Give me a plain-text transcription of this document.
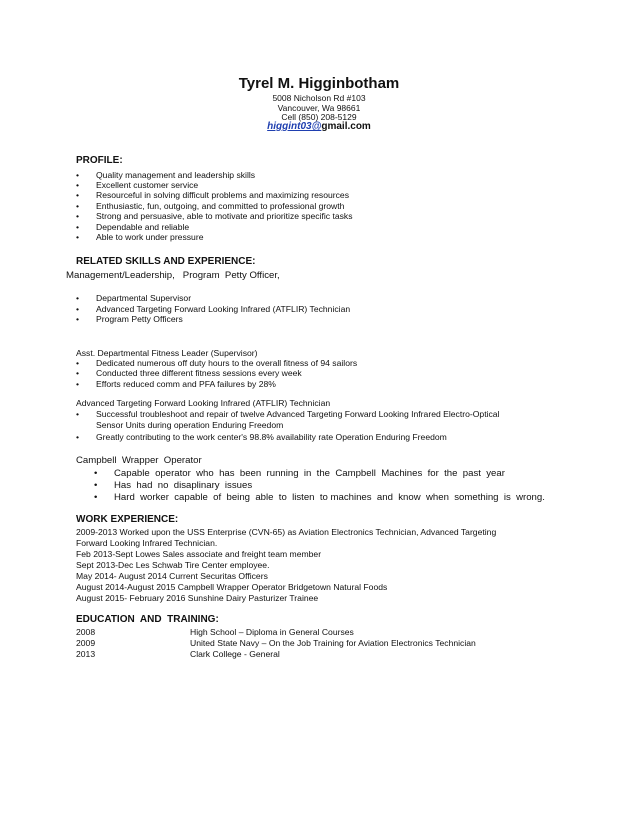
Tyrel M. Higginbotham
5008 Nicholson Rd #103
Vancouver, Wa 98661
Cell (850) 208-5129
higgint03@gmail.com
PROFILE:
• Quality management and leadership skills
• Excellent customer service
• Resourceful in solving difficult problems and maximizing resources
• Enthusiastic, fun, outgoing, and committed to professional growth
• Strong and persuasive, able to motivate and prioritize specific tasks
• Dependable and reliable
• Able to work under pressure
RELATED SKILLS AND EXPERIENCE:
Management/Leadership,   Program  Petty Officer,
• Departmental Supervisor
• Advanced Targeting Forward Looking Infrared (ATFLIR) Technician
• Program Petty Officers
Asst. Departmental Fitness Leader (Supervisor)
• Dedicated numerous off duty hours to the overall fitness of 94 sailors
• Conducted three different fitness sessions every week
• Efforts reduced comm and PFA failures by 28%
Advanced Targeting Forward Looking Infrared (ATFLIR) Technician
• Successful troubleshoot and repair of twelve Advanced Targeting Forward Looking Infrared Electro-Optical
Sensor Units during operation Enduring Freedom
• Greatly contributing to the work center's 98.8% availability rate Operation Enduring Freedom
Campbell  Wrapper  Operator
• Capable  operator  who  has  been  running  in  the  Campbell  Machines  for  the  past  year
• Has  had  no  disaplinary  issues
• Hard  worker  capable  of  being  able  to  listen  to machines  and  know  when  something  is  wrong.
WORK EXPERIENCE:
2009-2013 Worked upon the USS Enterprise (CVN-65) as Aviation Electronics Technician, Advanced Targeting
Forward Looking Infrared Technician.
Feb 2013-Sept Lowes Sales associate and freight team member
Sept 2013-Dec Les Schwab Tire Center employee.
May 2014- August 2014 Current Securitas Officers
August 2014-August 2015 Campbell Wrapper Operator Bridgetown Natural Foods
August 2015- February 2016 Sunshine Dairy Pasturizer Trainee
EDUCATION  AND  TRAINING:
2008	High School – Diploma in General Courses
2009	United State Navy – On the Job Training for Aviation Electronics Technician
2013	Clark College - General
